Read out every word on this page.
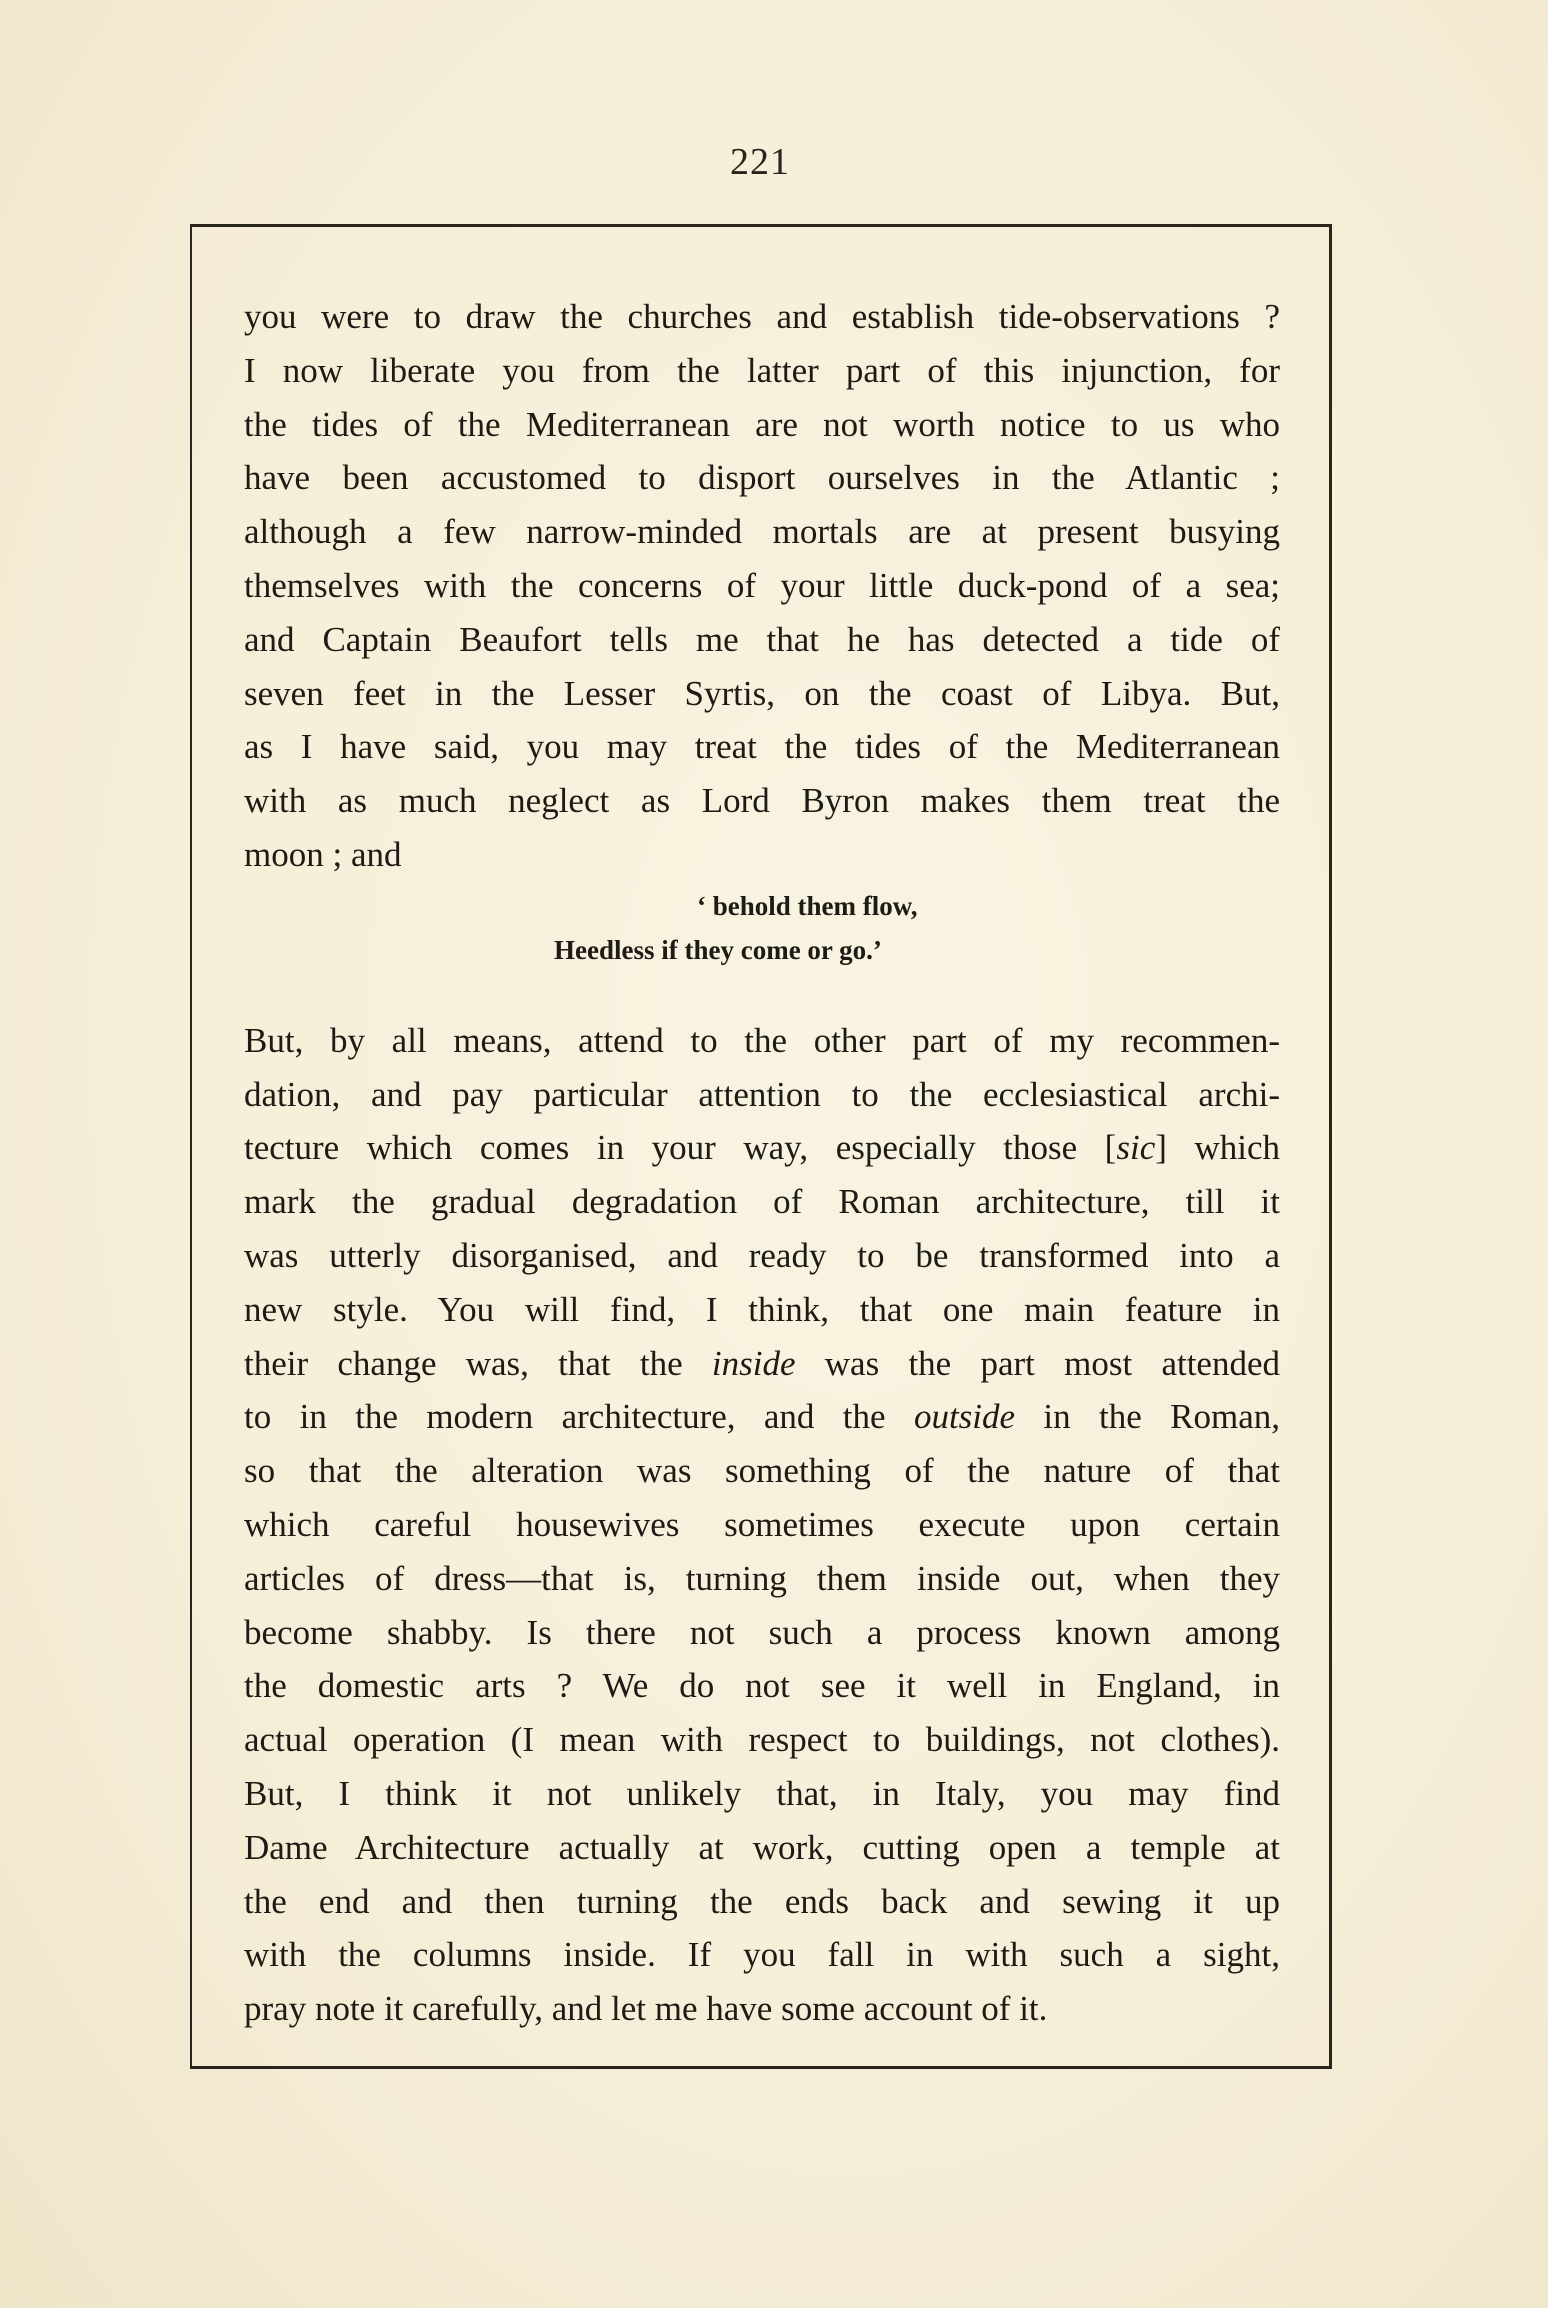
221
you were to draw the churches and establish tide-observations ?
I now liberate you from the latter part of this injunction, for
the tides of the Mediterranean are not worth notice to us who
have been accustomed to disport ourselves in the Atlantic ;
although a few narrow-minded mortals are at present busying
themselves with the concerns of your little duck-pond of a sea;
and Captain Beaufort tells me that he has detected a tide of
seven feet in the Lesser Syrtis, on the coast of Libya. But,
as I have said, you may treat the tides of the Mediterranean
with as much neglect as Lord Byron makes them treat the
moon ; and
‘ behold them flow,
Heedless if they come or go.’
But, by all means, attend to the other part of my recommen-
dation, and pay particular attention to the ecclesiastical archi-
tecture which comes in your way, especially those [sic] which
mark the gradual degradation of Roman architecture, till it
was utterly disorganised, and ready to be transformed into a
new style. You will find, I think, that one main feature in
their change was, that the inside was the part most attended
to in the modern architecture, and the outside in the Roman,
so that the alteration was something of the nature of that
which careful housewives sometimes execute upon certain
articles of dress—that is, turning them inside out, when they
become shabby. Is there not such a process known among
the domestic arts ? We do not see it well in England, in
actual operation (I mean with respect to buildings, not clothes).
But, I think it not unlikely that, in Italy, you may find
Dame Architecture actually at work, cutting open a temple at
the end and then turning the ends back and sewing it up
with the columns inside. If you fall in with such a sight,
pray note it carefully, and let me have some account of it.
